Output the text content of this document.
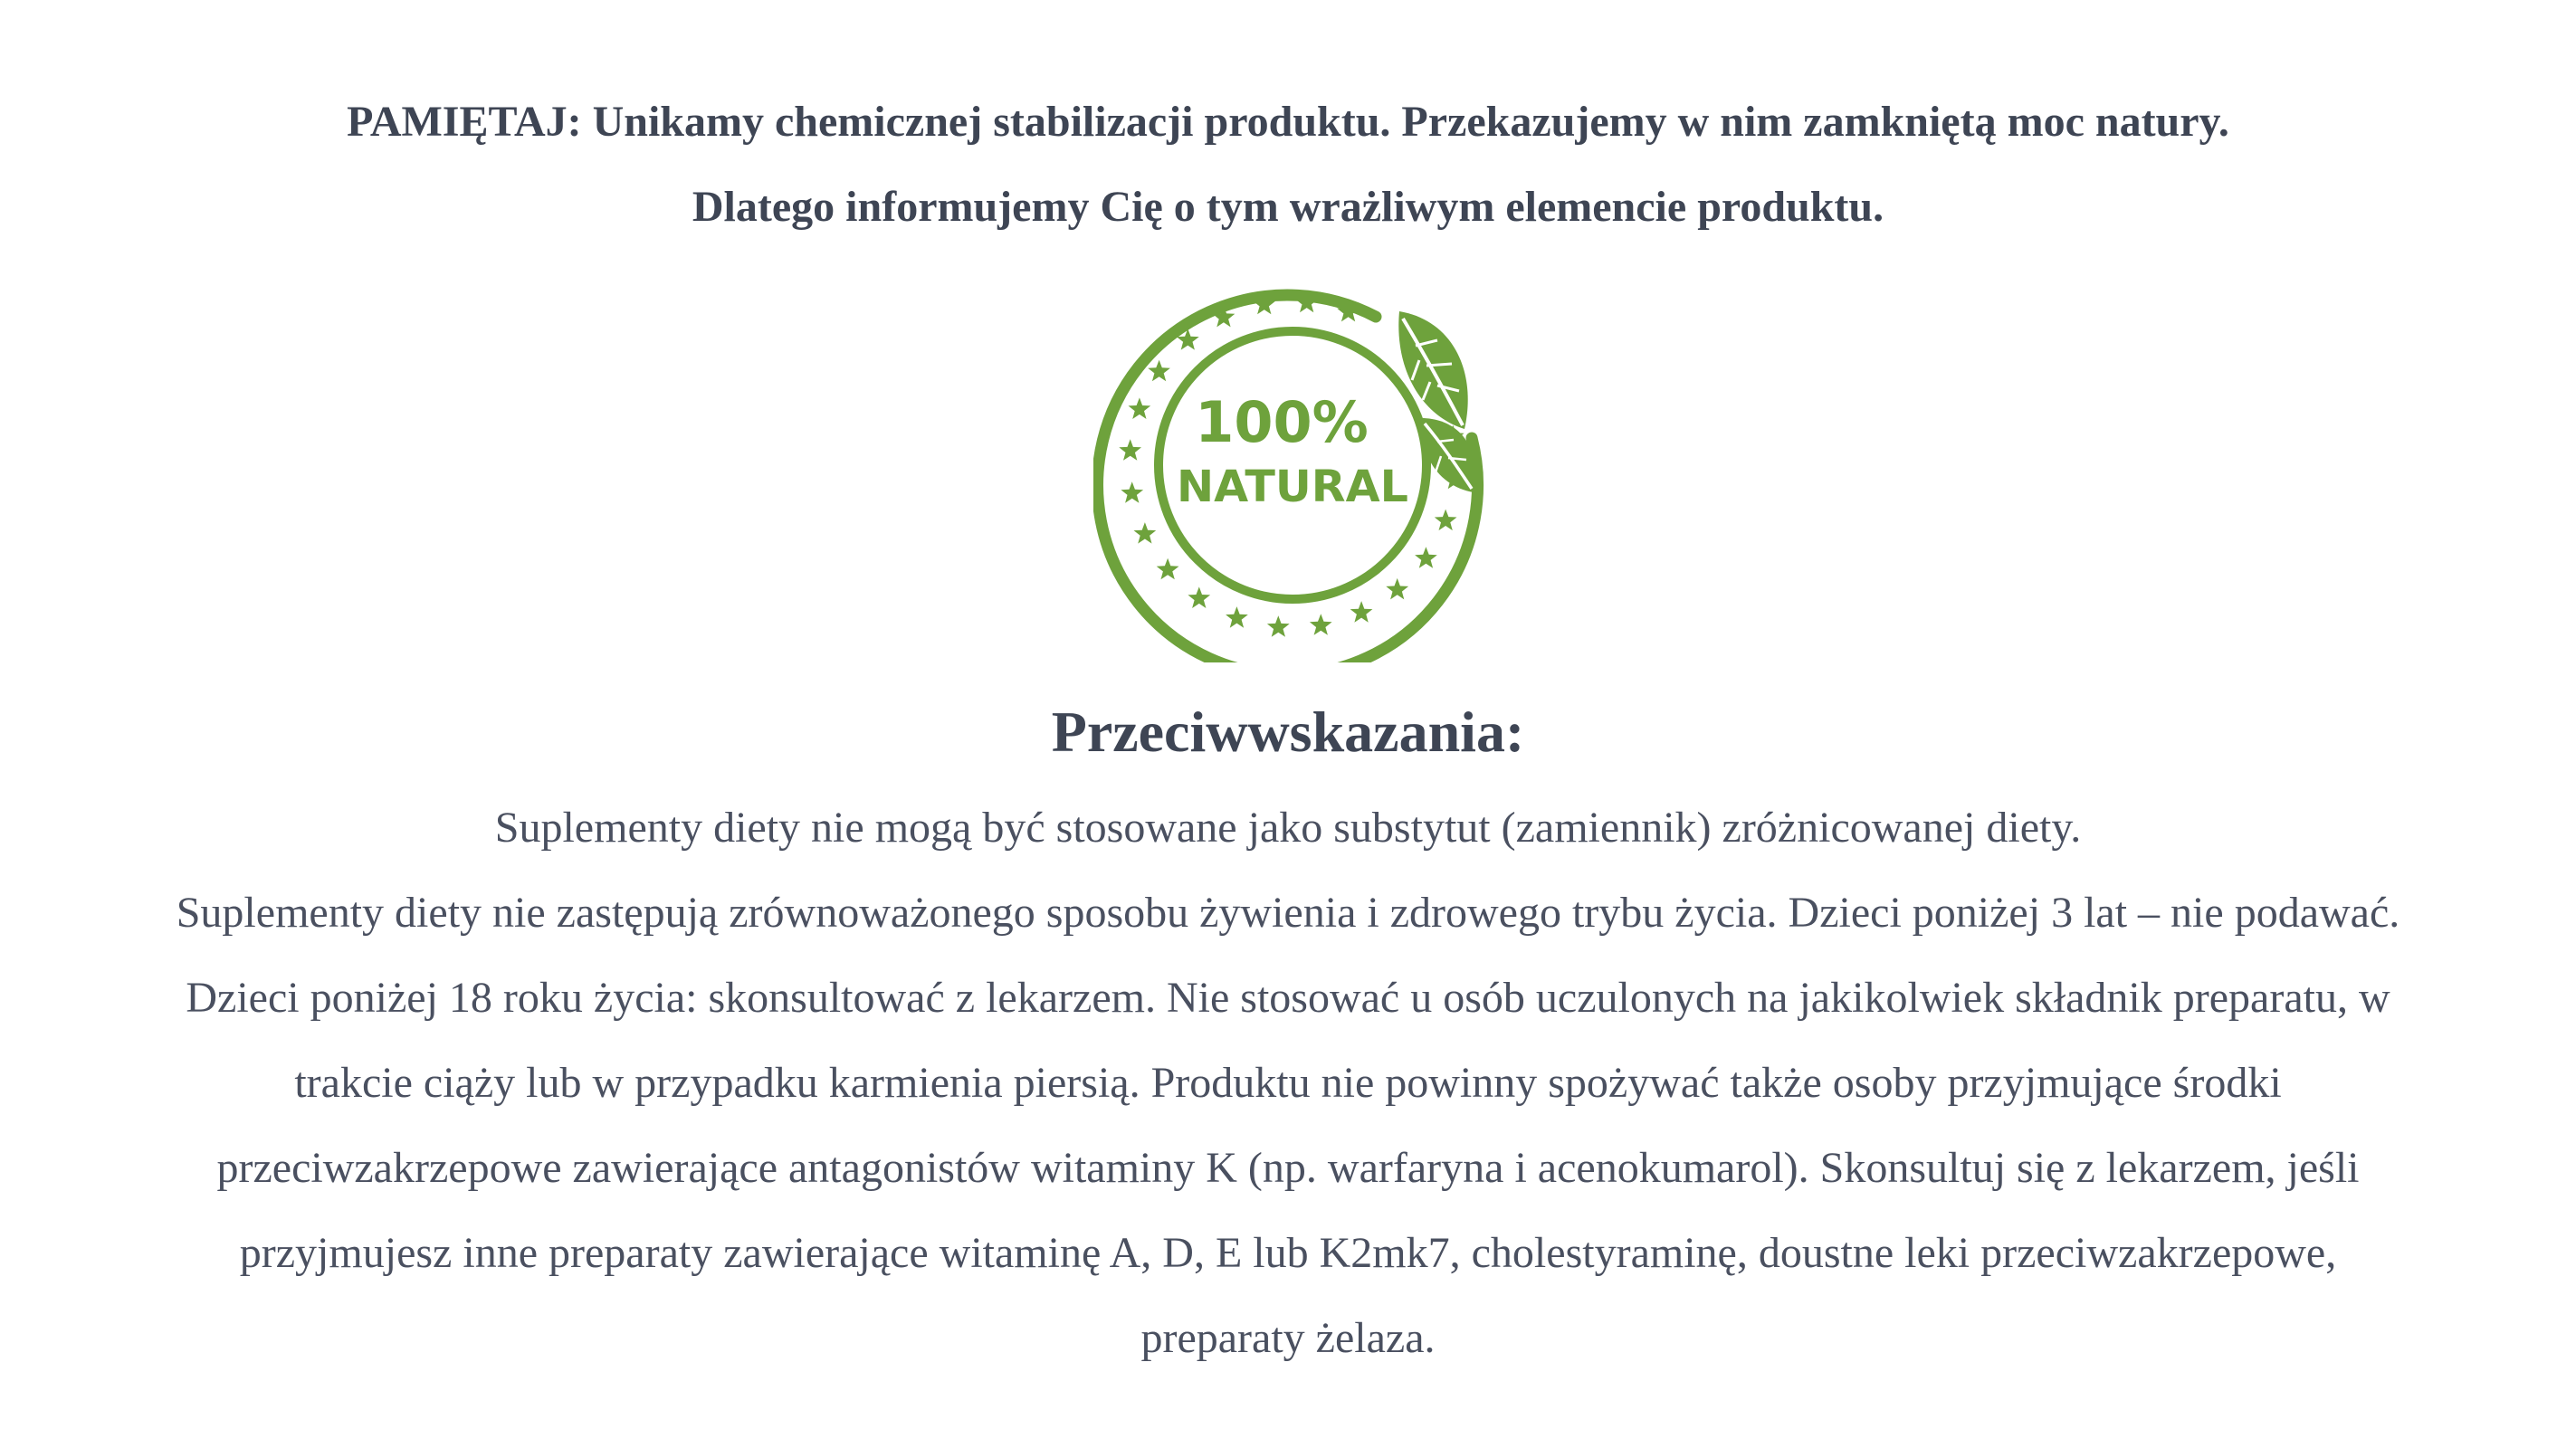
PAMIĘTAJ: Unikamy chemicznej stabilizacji produktu. Przekazujemy w nim zamkniętą moc natury.

Dlatego informujemy Cię o tym wrażliwym elemencie produktu.

100%
NATURAL
Przeciwwskazania:

Suplementy diety nie mogą być stosowane jako substytut (zamiennik) zróżnicowanej diety.

Suplementy diety nie zastępują zrównoważonego sposobu żywienia i zdrowego trybu życia. Dzieci poniżej 3 lat – nie podawać. Dzieci poniżej 18 roku życia: skonsultować z lekarzem. Nie stosować u osób uczulonych na jakikolwiek składnik preparatu, w trakcie ciąży lub w przypadku karmienia piersią. Produktu nie powinny spożywać także osoby przyjmujące środki przeciwzakrzepowe zawierające antagonistów witaminy K (np. warfaryna i acenokumarol). Skonsultuj się z lekarzem, jeśli przyjmujesz inne preparaty zawierające witaminę A, D, E lub K2mk7, cholestyraminę, doustne leki przeciwzakrzepowe, preparaty żelaza.
